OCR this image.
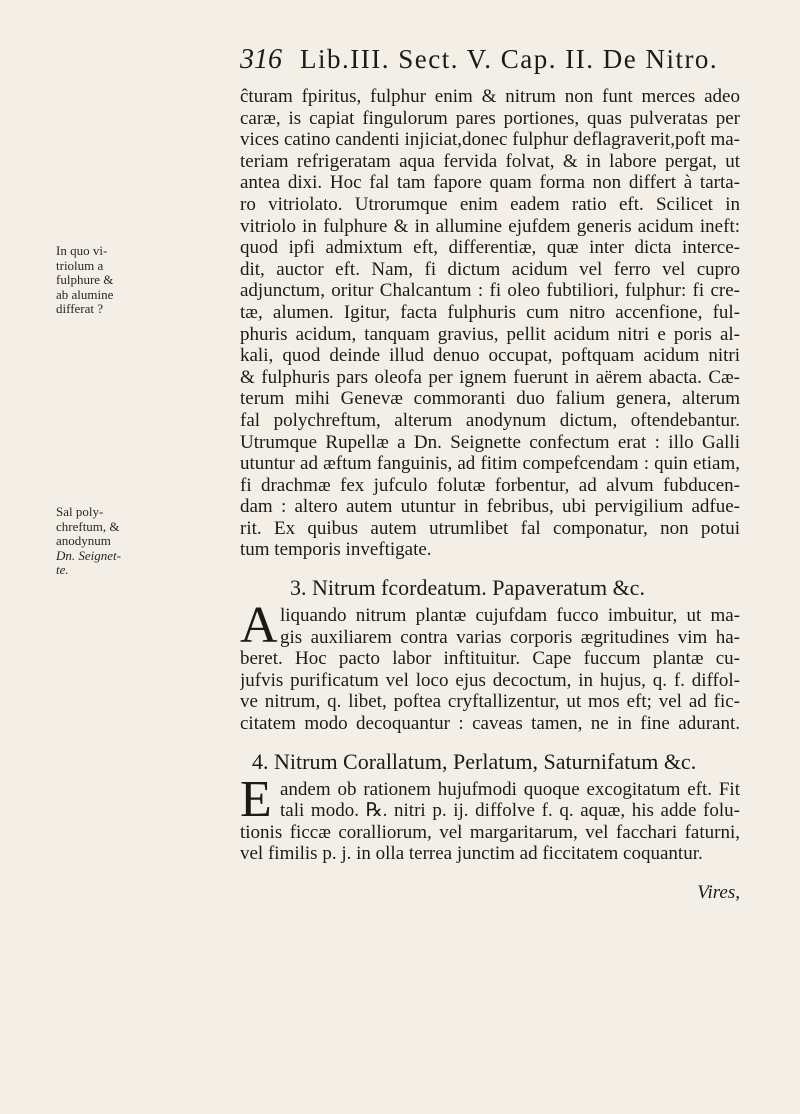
316 Lib.III. Sect. V. Cap. II. De Nitro.
In quo vi-
triolum a
fulphure &
ab alumine
differat ?
Sal poly-
chreftum, &
anodynum
Dn. Seignet-
te.
ĉturam fpiritus, fulphur enim & nitrum non funt merces adeo
caræ, is capiat fingulorum pares portiones, quas pulveratas per
vices catino candenti injiciat,donec fulphur deflagraverit,poft ma-
teriam refrigeratam aqua fervida folvat, & in labore pergat, ut
antea dixi. Hoc fal tam fapore quam forma non differt à tarta-
ro vitriolato. Utrorumque enim eadem ratio eft. Scilicet in
vitriolo in fulphure & in allumine ejufdem generis acidum ineft:
quod ipfi admixtum eft, differentiæ, quæ inter dicta interce-
dit, auctor eft. Nam, fi dictum acidum vel ferro vel cupro
adjunctum, oritur Chalcantum : fi oleo fubtiliori, fulphur: fi cre-
tæ, alumen. Igitur, facta fulphuris cum nitro accenfione, ful-
phuris acidum, tanquam gravius, pellit acidum nitri e poris al-
kali, quod deinde illud denuo occupat, poftquam acidum nitri
& fulphuris pars oleofa per ignem fuerunt in aërem abacta. Cæ-
terum mihi Genevæ commoranti duo falium genera, alterum
fal polychreftum, alterum anodynum dictum, oftendebantur.
Utrumque Rupellæ a Dn. Seignette confectum erat : illo Galli
utuntur ad æftum fanguinis, ad fitim compefcendam : quin etiam,
fi drachmæ fex jufculo folutæ forbentur, ad alvum fubducen-
dam : altero autem utuntur in febribus, ubi pervigilium adfue-
rit. Ex quibus autem utrumlibet fal componatur, non potui
tum temporis inveftigate.
3. Nitrum fcordeatum. Papaveratum &c.
A liquando nitrum plantæ cujufdam fucco imbuitur, ut ma-
gis auxiliarem contra varias corporis ægritudines vim ha-
beret. Hoc pacto labor inftituitur. Cape fuccum plantæ cu-
jufvis purificatum vel loco ejus decoctum, in hujus, q. f. diffol-
ve nitrum, q. libet, poftea cryftallizentur, ut mos eft; vel ad fic-
citatem modo decoquantur : caveas tamen, ne in fine adurant.
4. Nitrum Corallatum, Perlatum, Saturnifatum &c.
E andem ob rationem hujufmodi quoque excogitatum eft. Fit
tali modo. ℞. nitri p. ij. diffolve f. q. aquæ, his adde folu-
tionis ficcæ coralliorum, vel margaritarum, vel facchari faturni,
vel fimilis p. j. in olla terrea junctim ad ficcitatem coquantur.
Vires,
